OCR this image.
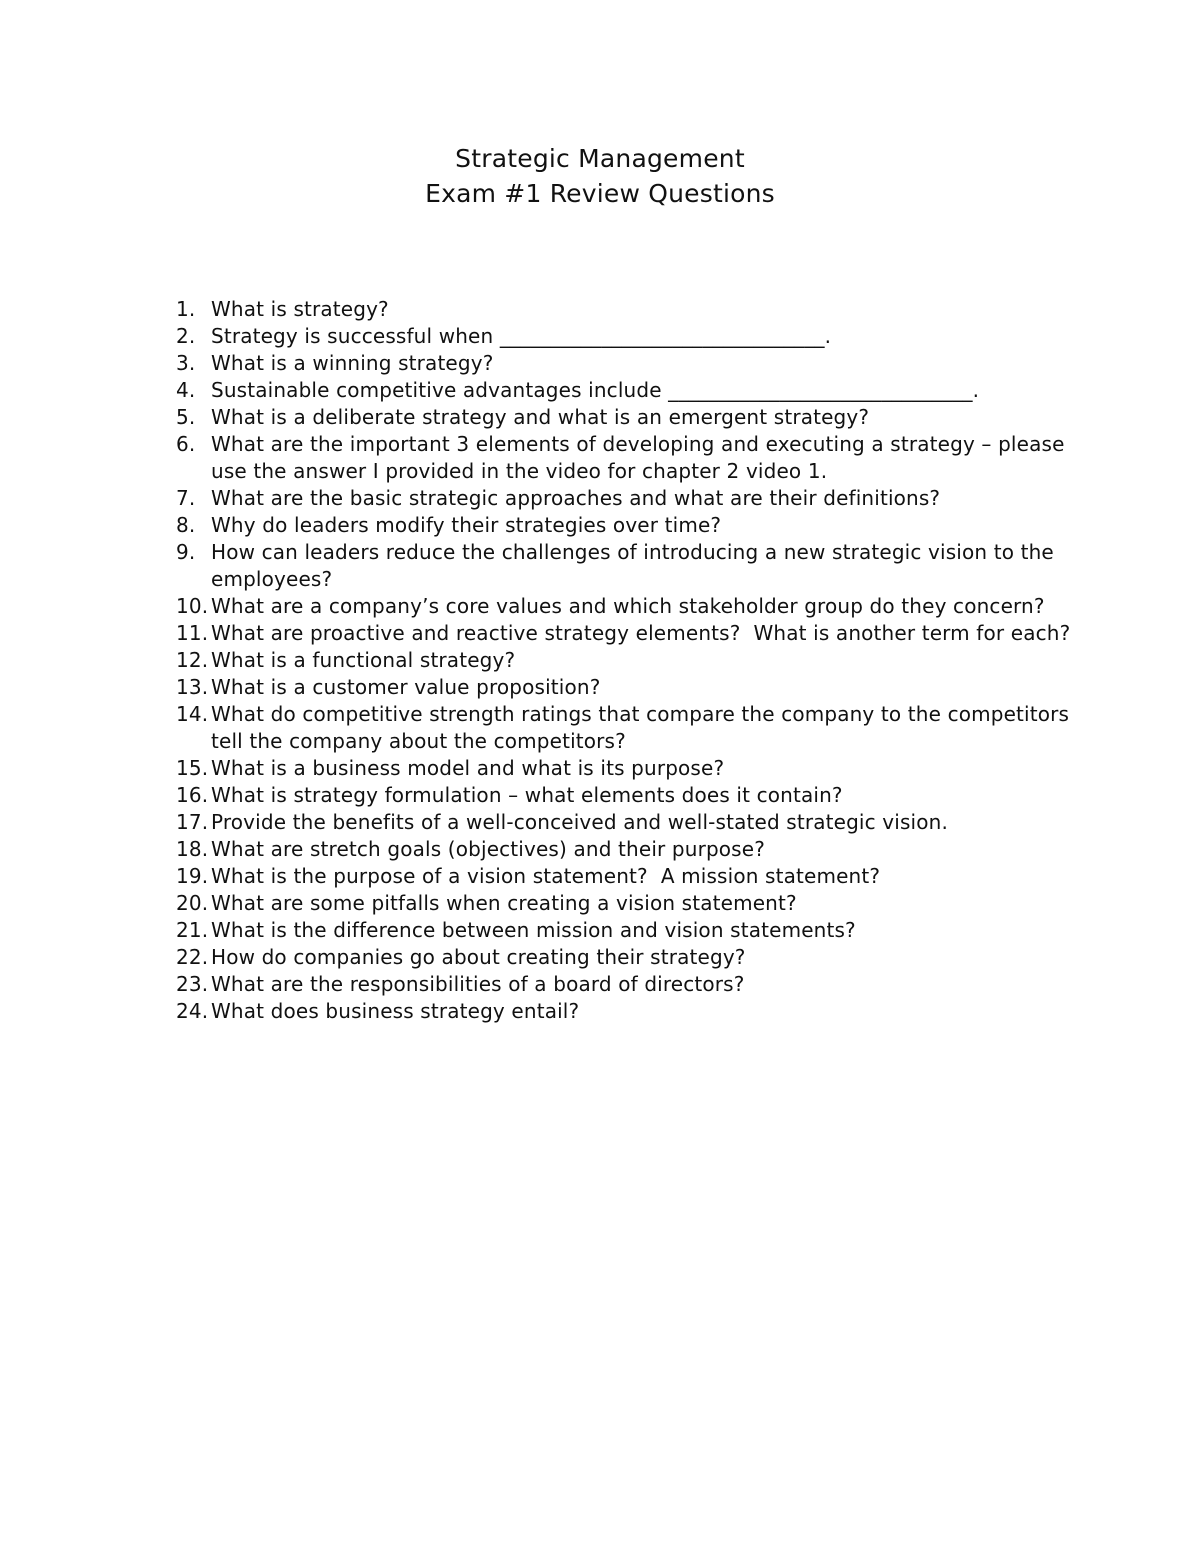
Strategic Management
Exam #1 Review Questions
1. What is strategy?
2. Strategy is successful when ________________________________.
3. What is a winning strategy?
4. Sustainable competitive advantages include ______________________________.
5. What is a deliberate strategy and what is an emergent strategy?
6. What are the important 3 elements of developing and executing a strategy – please use the answer I provided in the video for chapter 2 video 1.
7. What are the basic strategic approaches and what are their definitions?
8. Why do leaders modify their strategies over time?
9. How can leaders reduce the challenges of introducing a new strategic vision to the employees?
10. What are a company’s core values and which stakeholder group do they concern?
11. What are proactive and reactive strategy elements?  What is another term for each?
12. What is a functional strategy?
13. What is a customer value proposition?
14. What do competitive strength ratings that compare the company to the competitors tell the company about the competitors?
15. What is a business model and what is its purpose?
16. What is strategy formulation – what elements does it contain?
17. Provide the benefits of a well-conceived and well-stated strategic vision.
18. What are stretch goals (objectives) and their purpose?
19. What is the purpose of a vision statement?  A mission statement?
20. What are some pitfalls when creating a vision statement?
21. What is the difference between mission and vision statements?
22. How do companies go about creating their strategy?
23. What are the responsibilities of a board of directors?
24. What does business strategy entail?
